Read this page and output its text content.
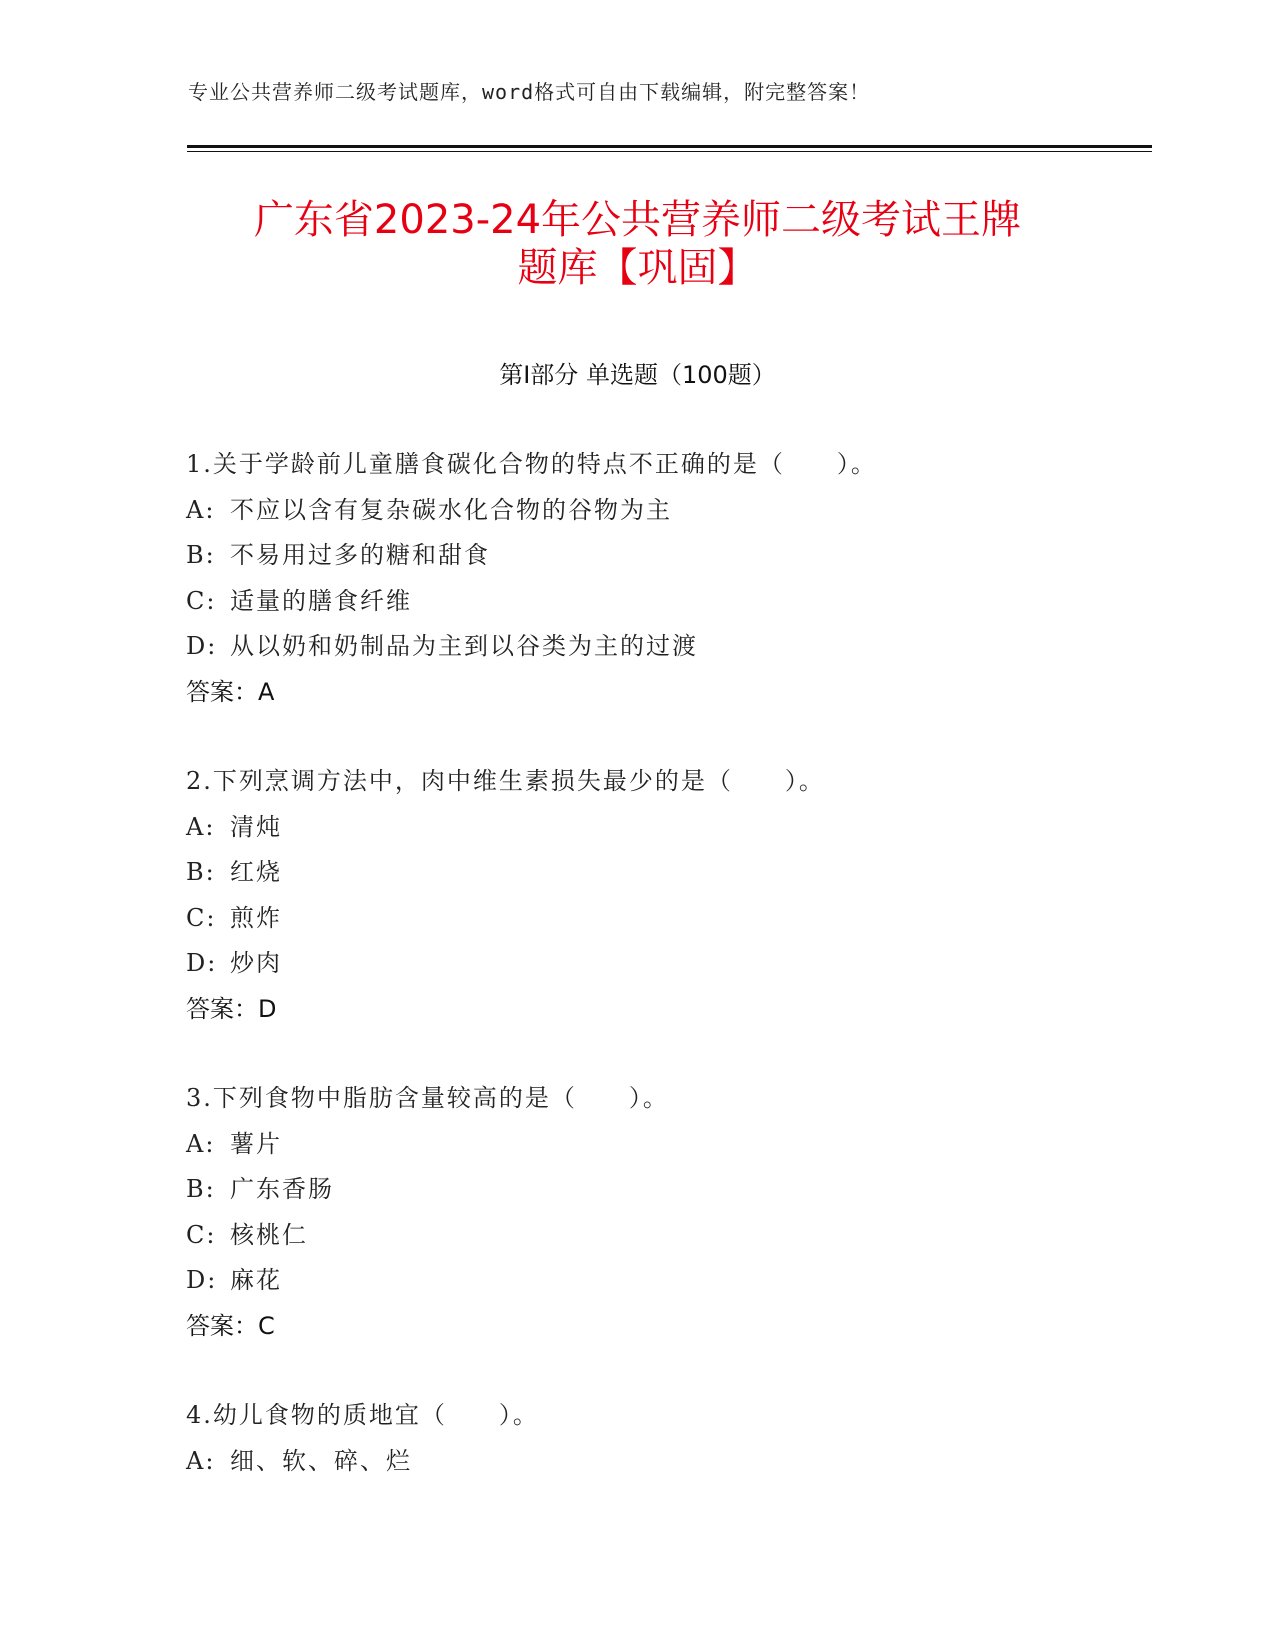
专业公共营养师二级考试题库，word格式可自由下载编辑，附完整答案！
广东省2023-24年公共营养师二级考试王牌
题库【巩固】
第Ⅰ部分 单选题（100题）
1.关于学龄前儿童膳食碳化合物的特点不正确的是（　　）。
A: 不应以含有复杂碳水化合物的谷物为主
B: 不易用过多的糖和甜食
C: 适量的膳食纤维
D: 从以奶和奶制品为主到以谷类为主的过渡
答案：A
2.下列烹调方法中，肉中维生素损失最少的是（　　）。
A: 清炖
B: 红烧
C: 煎炸
D: 炒肉
答案：D
3.下列食物中脂肪含量较高的是（　　）。
A: 薯片
B: 广东香肠
C: 核桃仁
D: 麻花
答案：C
4.幼儿食物的质地宜（　　）。
A: 细、软、碎、烂
